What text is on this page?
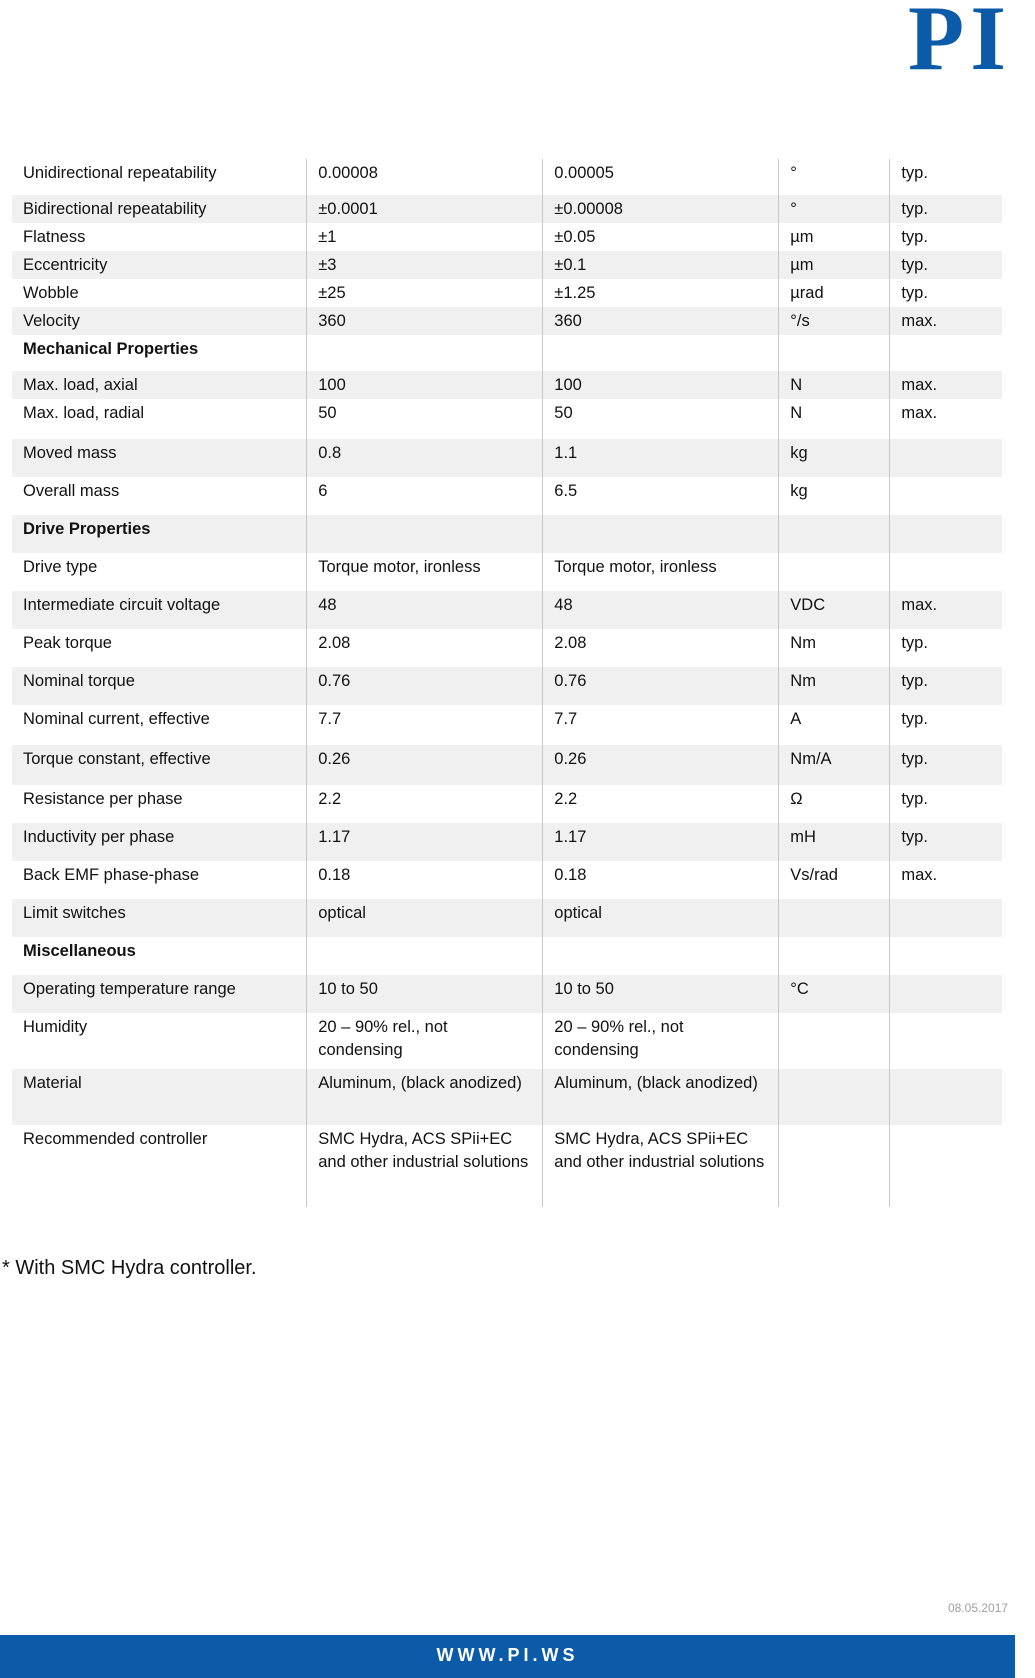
PI
Unidirectional repeatability	0.00008	0.00005	°	typ.
Bidirectional repeatability	±0.0001	±0.00008	°	typ.
Flatness	±1	±0.05	µm	typ.
Eccentricity	±3	±0.1	µm	typ.
Wobble	±25	±1.25	µrad	typ.
Velocity	360	360	°/s	max.
Mechanical Properties				
Max. load, axial	100	100	N	max.
Max. load, radial	50	50	N	max.
Moved mass	0.8	1.1	kg	
Overall mass	6	6.5	kg	
Drive Properties				
Drive type	Torque motor, ironless	Torque motor, ironless		
Intermediate circuit voltage	48	48	VDC	max.
Peak torque	2.08	2.08	Nm	typ.
Nominal torque	0.76	0.76	Nm	typ.
Nominal current, effective	7.7	7.7	A	typ.
Torque constant, effective	0.26	0.26	Nm/A	typ.
Resistance per phase	2.2	2.2	Ω	typ.
Inductivity per phase	1.17	1.17	mH	typ.
Back EMF phase-phase	0.18	0.18	Vs/rad	max.
Limit switches	optical	optical		
Miscellaneous				
Operating temperature range	10 to 50	10 to 50	°C	
Humidity	20 – 90% rel., not condensing	20 – 90% rel., not condensing		
Material	Aluminum, (black anodized)	Aluminum, (black anodized)		
Recommended controller	SMC Hydra, ACS SPii+EC and other industrial solutions	SMC Hydra, ACS SPii+EC and other industrial solutions		
* With SMC Hydra controller.
08.05.2017
WWW.PI.WS
